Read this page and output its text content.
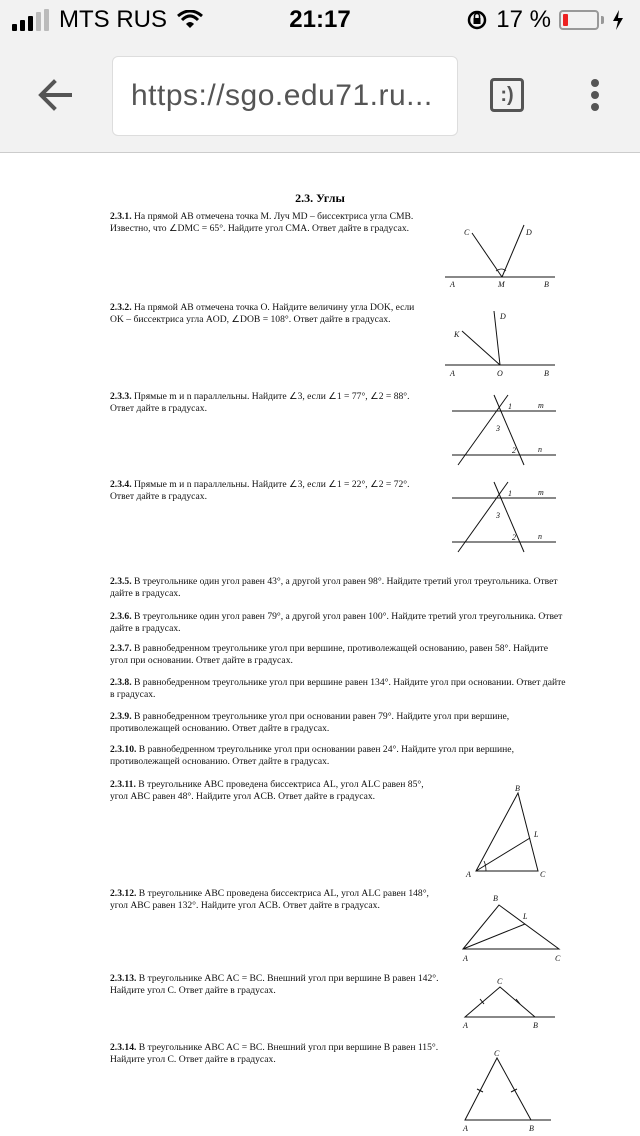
MTS RUS	21:17	17 %
https://sgo.edu71.ru...	:)
2.3. Углы
2.3.1. На прямой AB отмечена точка M. Луч MD – биссектриса угла CMB. Известно, что ∠DMC = 65°. Найдите угол CMA. Ответ дайте в градусах.
2.3.2. На прямой AB отмечена точка O. Найдите величину угла DOK, если OK – биссектриса угла AOD, ∠DOB = 108°. Ответ дайте в градусах.
2.3.3. Прямые m и n параллельны. Найдите ∠3, если ∠1 = 77°, ∠2 = 88°. Ответ дайте в градусах.
2.3.4. Прямые m и n параллельны. Найдите ∠3, если ∠1 = 22°, ∠2 = 72°. Ответ дайте в градусах.
2.3.5. В треугольнике один угол равен 43°, а другой угол равен 98°. Найдите третий угол треугольника. Ответ дайте в градусах.
2.3.6. В треугольнике один угол равен 79°, а другой угол равен 100°. Найдите третий угол треугольника. Ответ дайте в градусах.
2.3.7. В равнобедренном треугольнике угол при вершине, противолежащей основанию, равен 58°. Найдите угол при основании. Ответ дайте в градусах.
2.3.8. В равнобедренном треугольнике угол при вершине равен 134°. Найдите угол при основании. Ответ дайте в градусах.
2.3.9. В равнобедренном треугольнике угол при основании равен 79°. Найдите угол при вершине, противолежащей основанию. Ответ дайте в градусах.
2.3.10. В равнобедренном треугольнике угол при основании равен 24°. Найдите угол при вершине, противолежащей основанию. Ответ дайте в градусах.
2.3.11. В треугольнике ABC проведена биссектриса AL, угол ALC равен 85°, угол ABC равен 48°. Найдите угол ACB. Ответ дайте в градусах.
2.3.12. В треугольнике ABC проведена биссектриса AL, угол ALC равен 148°, угол ABC равен 132°. Найдите угол ACB. Ответ дайте в градусах.
2.3.13. В треугольнике ABC AC = BC. Внешний угол при вершине B равен 142°. Найдите угол C. Ответ дайте в градусах.
2.3.14. В треугольнике ABC AC = BC. Внешний угол при вершине B равен 115°. Найдите угол C. Ответ дайте в градусах.
C	D
A	M	B
D
K
A	O	B
1	m
3
2	n
1	m
3
2	n
B
L
A	C
B
L
A	C
C
A	B
C
A	B
